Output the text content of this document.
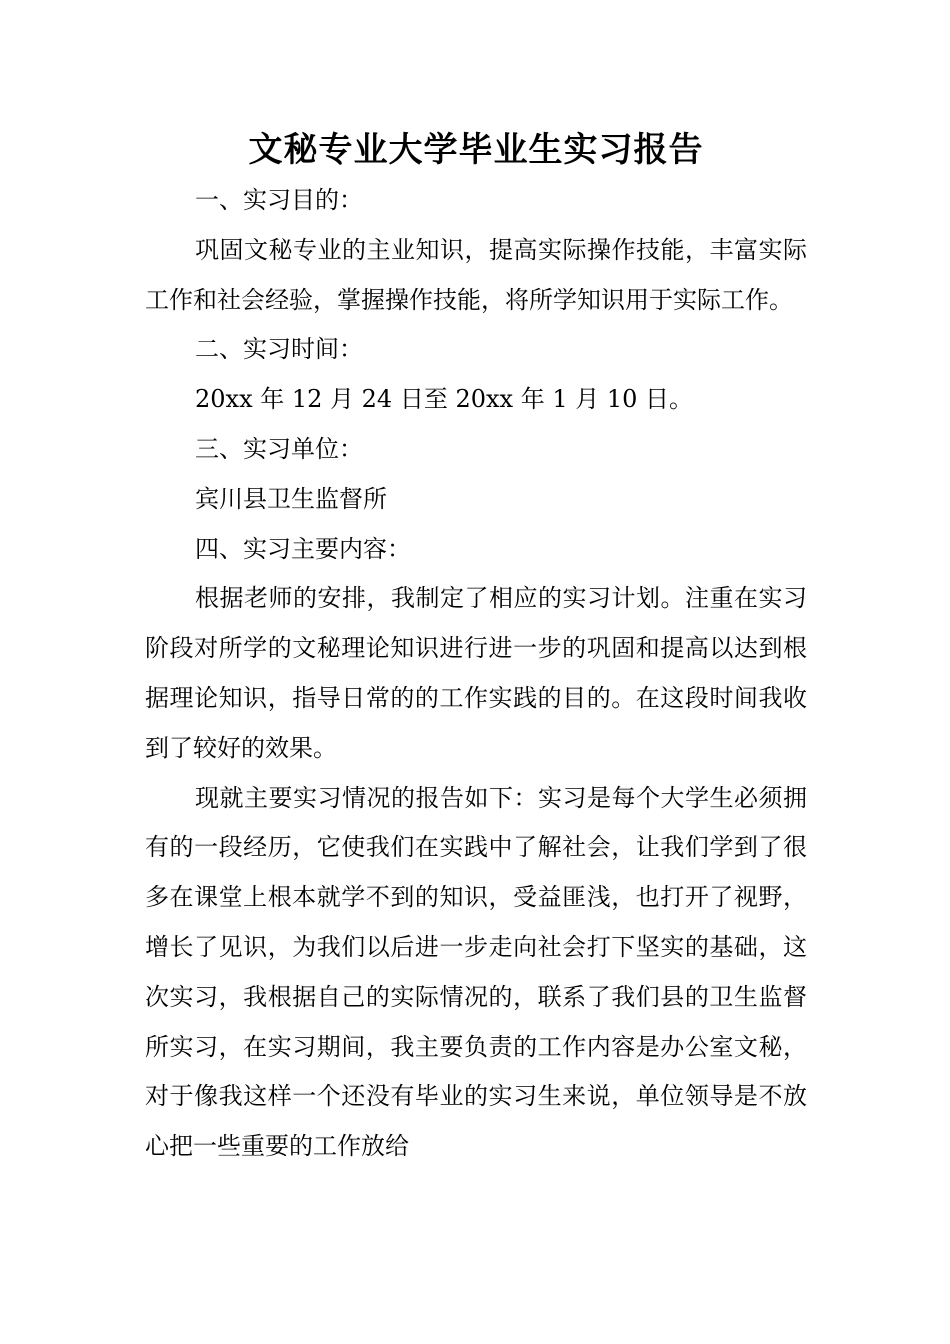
文秘专业大学毕业生实习报告
一、实习目的：

巩固文秘专业的主业知识，提高实际操作技能，丰富实际工作和社会经验，掌握操作技能，将所学知识用于实际工作。

二、实习时间：
20xx 年 12 月 24 日至 20xx 年 1 月 10 日。
三、实习单位：
宾川县卫生监督所
四、实习主要内容：

根据老师的安排，我制定了相应的实习计划。注重在实习阶段对所学的文秘理论知识进行进一步的巩固和提高以达到根据理论知识，指导日常的的工作实践的目的。在这段时间我收到了较好的效果。

现就主要实习情况的报告如下：实习是每个大学生必须拥有的一段经历，它使我们在实践中了解社会，让我们学到了很多在课堂上根本就学不到的知识，受益匪浅，也打开了视野，增长了见识，为我们以后进一步走向社会打下坚实的基础，这次实习，我根据自己的实际情况的，联系了我们县的卫生监督所实习，在实习期间，我主要负责的工作内容是办公室文秘，对于像我这样一个还没有毕业的实习生来说，单位领导是不放心把一些重要的工作放给
